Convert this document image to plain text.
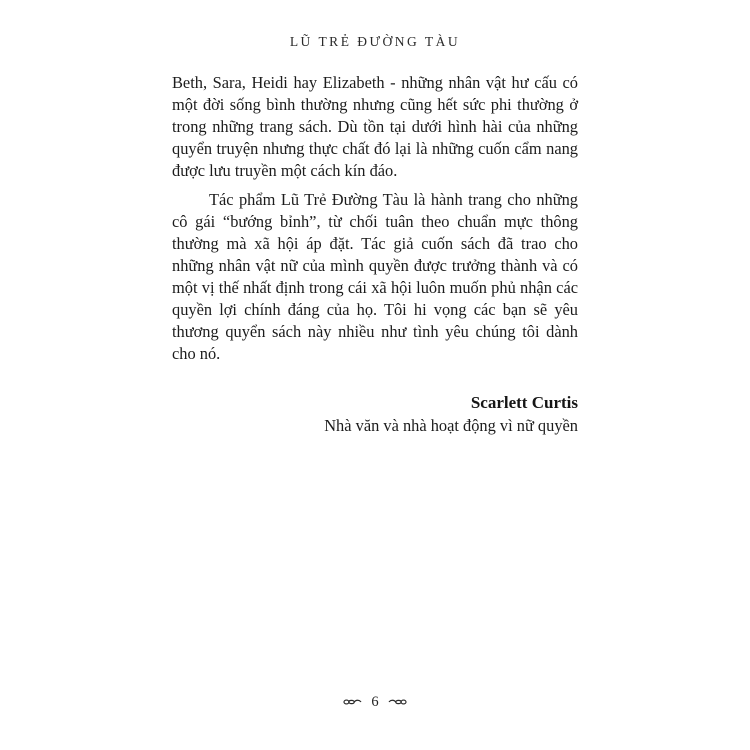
LŨ TRẺ ĐƯỜNG TÀU

Beth, Sara, Heidi hay Elizabeth - những nhân vật hư cấu có một đời sống bình thường nhưng cũng hết sức phi thường ở trong những trang sách. Dù tồn tại dưới hình hài của những quyển truyện nhưng thực chất đó lại là những cuốn cẩm nang được lưu truyền một cách kín đáo.

Tác phẩm Lũ Trẻ Đường Tàu là hành trang cho những cô gái “bướng bỉnh”, từ chối tuân theo chuẩn mực thông thường mà xã hội áp đặt. Tác giả cuốn sách đã trao cho những nhân vật nữ của mình quyền được trưởng thành và có một vị thế nhất định trong cái xã hội luôn muốn phủ nhận các quyền lợi chính đáng của họ. Tôi hi vọng các bạn sẽ yêu thương quyển sách này nhiều như tình yêu chúng tôi dành cho nó.

Scarlett Curtis
Nhà văn và nhà hoạt động vì nữ quyền
6
